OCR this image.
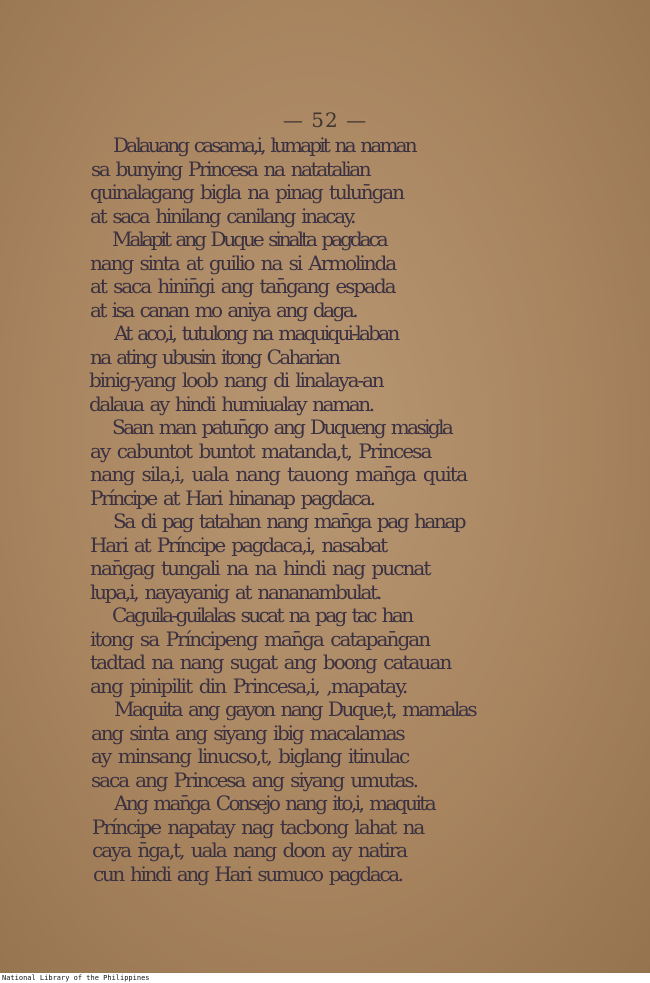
— 52 —
Dalauang casama,i, lumapit na naman
sa bunying Princesa na natatalian
quinalagang bigla na pinag tulun̄gan
at saca hinilang canilang inacay.
Malapit ang Duque sinalta pagdaca
nang sinta at guilio na si Armolinda
at saca hinin̄gi ang tan̄gang espada
at isa canan mo aniya ang daga.
At aco,i, tutulong na maquiqui-laban
na ating ubusin itong Caharian
binig-yang loob nang di linalaya-an
dalaua ay hindi humiualay naman.
Saan man patun̄go ang Duqueng masigla
ay cabuntot buntot matanda,t, Princesa
nang sila,i, uala nang tauong man̄ga quita
Príncipe at Hari hinanap pagdaca.
Sa di pag tatahan nang man̄ga pag hanap
Hari at Príncipe pagdaca,i, nasabat
nan̄gag tungali na na hindi nag pucnat
lupa,i, nayayanig at nananambulat.
Caguila-guilalas sucat na pag tac han
itong sa Príncipeng man̄ga catapan̄gan
tadtad na nang sugat ang boong catauan
ang pinipilit din Princesa,i, ,mapatay.
Maquita ang gayon nang Duque,t, mamalas
ang sinta ang siyang ibig macalamas
ay minsang linucso,t, biglang itinulac
saca ang Princesa ang siyang umutas.
Ang man̄ga Consejo nang ito,i, maquita
Príncipe napatay nag tacbong lahat na
caya n̄ga,t, uala nang doon ay natira
cun hindi ang Hari sumuco pagdaca.
National Library of the Philippines
